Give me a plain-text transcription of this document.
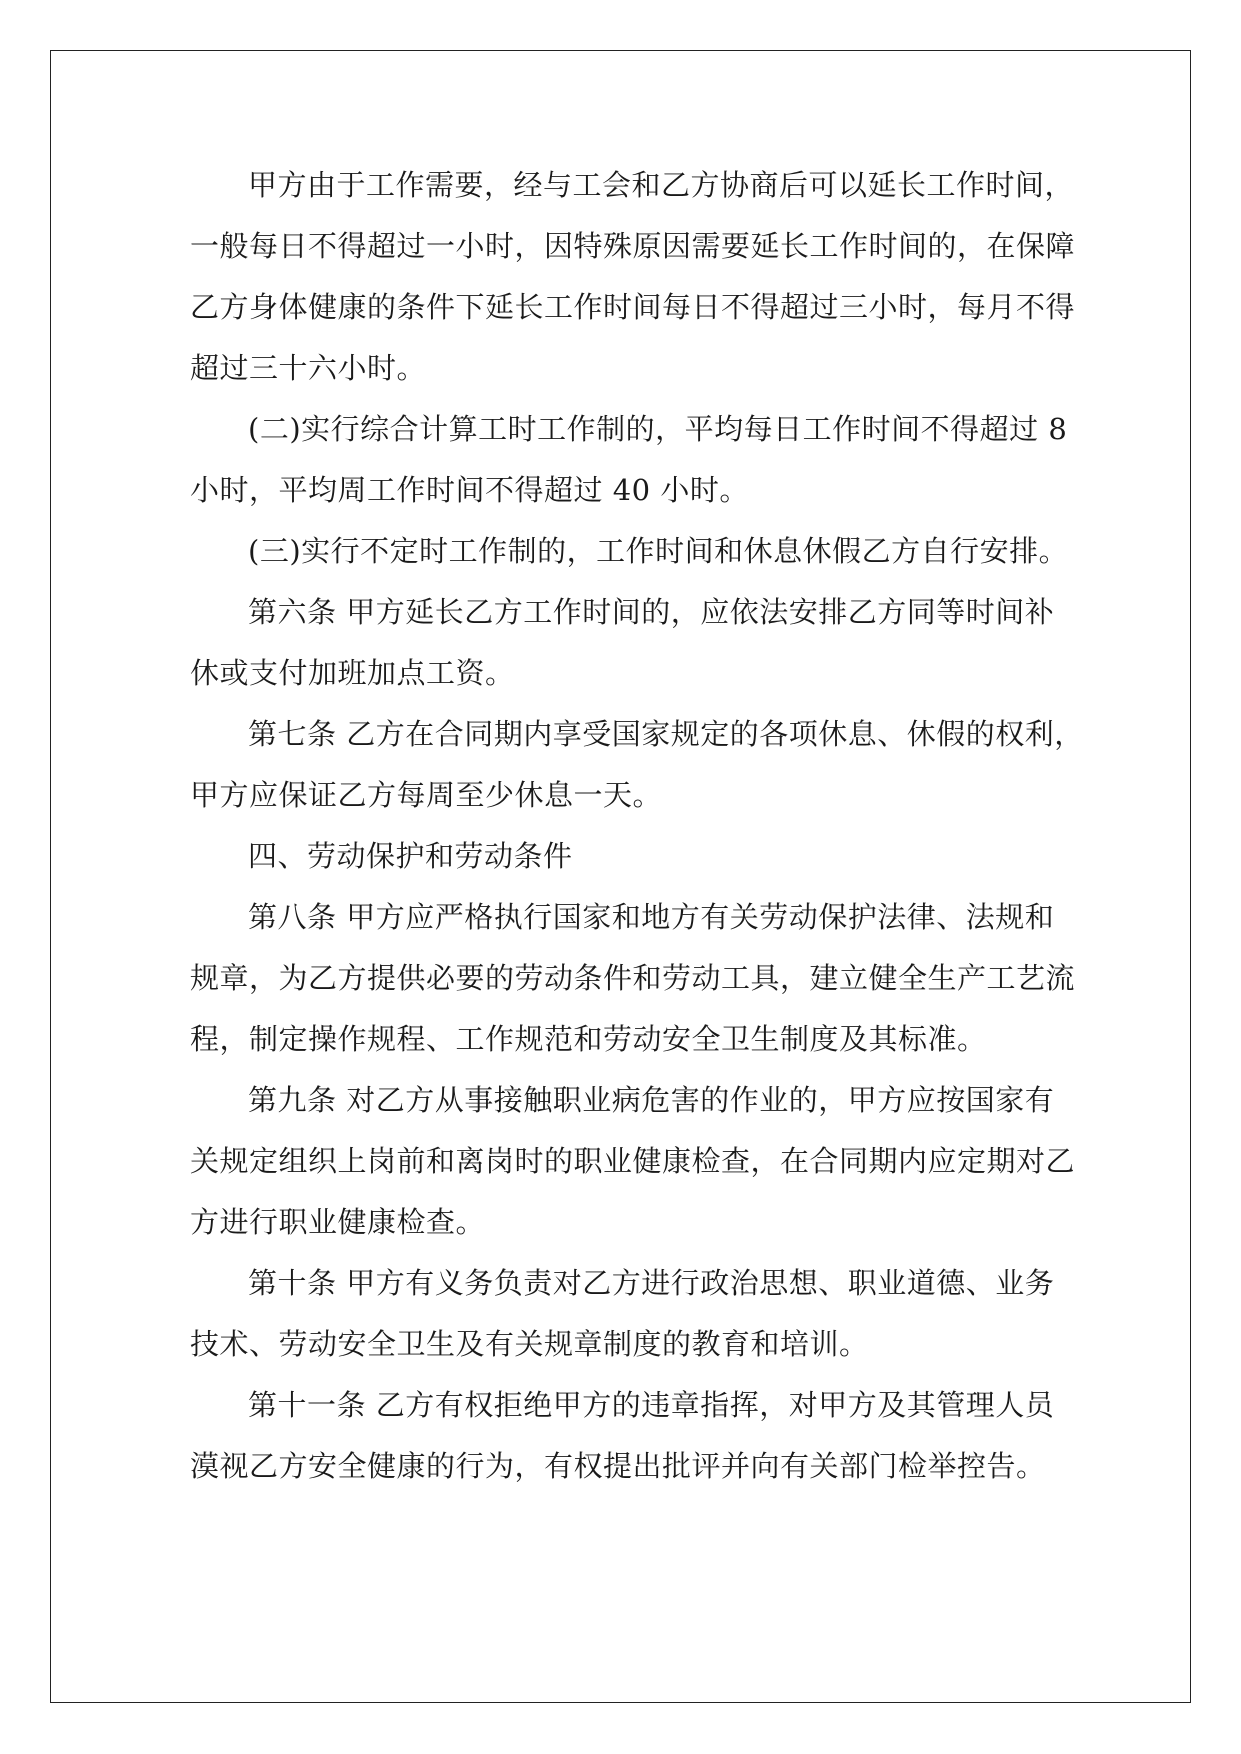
甲方由于工作需要，经与工会和乙方协商后可以延长工作时间，
一般每日不得超过一小时，因特殊原因需要延长工作时间的，在保障
乙方身体健康的条件下延长工作时间每日不得超过三小时，每月不得
超过三十六小时。
(二)实行综合计算工时工作制的，平均每日工作时间不得超过 8
小时，平均周工作时间不得超过 40 小时。
(三)实行不定时工作制的，工作时间和休息休假乙方自行安排。
第六条 甲方延长乙方工作时间的，应依法安排乙方同等时间补
休或支付加班加点工资。
第七条 乙方在合同期内享受国家规定的各项休息、休假的权利，
甲方应保证乙方每周至少休息一天。
四、劳动保护和劳动条件
第八条 甲方应严格执行国家和地方有关劳动保护法律、法规和
规章，为乙方提供必要的劳动条件和劳动工具，建立健全生产工艺流
程，制定操作规程、工作规范和劳动安全卫生制度及其标准。
第九条 对乙方从事接触职业病危害的作业的，甲方应按国家有
关规定组织上岗前和离岗时的职业健康检查，在合同期内应定期对乙
方进行职业健康检查。
第十条 甲方有义务负责对乙方进行政治思想、职业道德、业务
技术、劳动安全卫生及有关规章制度的教育和培训。
第十一条 乙方有权拒绝甲方的违章指挥，对甲方及其管理人员
漠视乙方安全健康的行为，有权提出批评并向有关部门检举控告。
